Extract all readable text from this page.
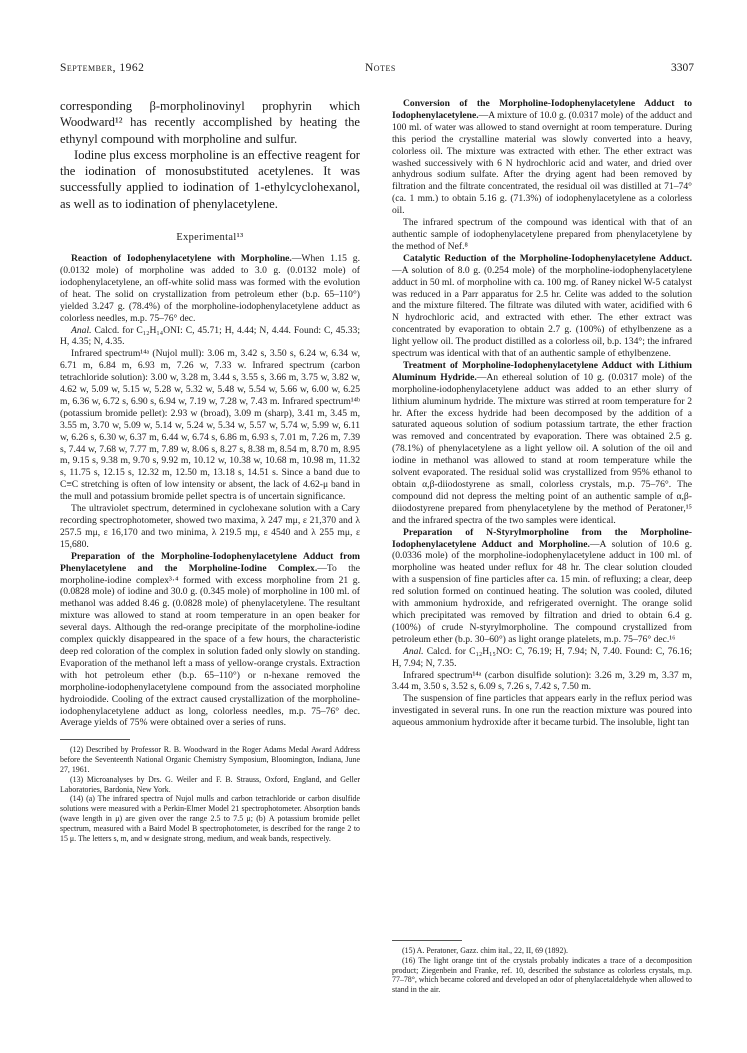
September, 1962	Notes	3307

corresponding β-morpholinovinyl prophyrin which Woodward¹² has recently accomplished by heating the ethynyl compound with morpholine and sulfur.

Iodine plus excess morpholine is an effective reagent for the iodination of monosubstituted acetylenes. It was successfully applied to iodination of 1-ethylcyclohexanol, as well as to iodination of phenylacetylene.

Experimental¹³

Reaction of Iodophenylacetylene with Morpholine.—When 1.15 g. (0.0132 mole) of morpholine was added to 3.0 g. (0.0132 mole) of iodophenylacetylene, an off-white solid mass was formed with the evolution of heat. The solid on crystallization from petroleum ether (b.p. 65–110°) yielded 3.247 g. (78.4%) of the morpholine-iodophenylacetylene adduct as colorless needles, m.p. 75–76° dec.

Anal. Calcd. for C₁₂H₁₄ONI: C, 45.71; H, 4.44; N, 4.44. Found: C, 45.33; H, 4.35; N, 4.35.

Infrared spectrum¹⁴ᵃ (Nujol mull): 3.06 m, 3.42 s, 3.50 s, 6.24 w, 6.34 w, 6.71 m, 6.84 m, 6.93 m, 7.26 w, 7.33 w. Infrared spectrum (carbon tetrachloride solution): 3.00 w, 3.28 m, 3.44 s, 3.55 s, 3.66 m, 3.75 w, 3.82 w, 4.62 w, 5.09 w, 5.15 w, 5.28 w, 5.32 w, 5.48 w, 5.54 w, 5.66 w, 6.00 w, 6.25 m, 6.36 w, 6.72 s, 6.90 s, 6.94 w, 7.19 w, 7.28 w, 7.43 m. Infrared spectrum¹⁴ᵇ (potassium bromide pellet): 2.93 w (broad), 3.09 m (sharp), 3.41 m, 3.45 m, 3.55 m, 3.70 w, 5.09 w, 5.14 w, 5.24 w, 5.34 w, 5.57 w, 5.74 w, 5.99 w, 6.11 w, 6.26 s, 6.30 w, 6.37 m, 6.44 w, 6.74 s, 6.86 m, 6.93 s, 7.01 m, 7.26 m, 7.39 s, 7.44 w, 7.68 w, 7.77 m, 7.89 w, 8.06 s, 8.27 s, 8.38 m, 8.54 m, 8.70 m, 8.95 m, 9.15 s, 9.38 m, 9.70 s, 9.92 m, 10.12 w, 10.38 w, 10.68 m, 10.98 m, 11.32 s, 11.75 s, 12.15 s, 12.32 m, 12.50 m, 13.18 s, 14.51 s. Since a band due to C≡C stretching is often of low intensity or absent, the lack of 4.62-μ band in the mull and potassium bromide pellet spectra is of uncertain significance.

The ultraviolet spectrum, determined in cyclohexane solution with a Cary recording spectrophotometer, showed two maxima, λ 247 mμ, ε 21,370 and λ 257.5 mμ, ε 16,170 and two minima, λ 219.5 mμ, ε 4540 and λ 255 mμ, ε 15,680.

Preparation of the Morpholine-Iodophenylacetylene Adduct from Phenylacetylene and the Morpholine-Iodine Complex.—To the morpholine-iodine complex³·⁴ formed with excess morpholine from 21 g. (0.0828 mole) of iodine and 30.0 g. (0.345 mole) of morpholine in 100 ml. of methanol was added 8.46 g. (0.0828 mole) of phenylacetylene. The resultant mixture was allowed to stand at room temperature in an open beaker for several days. Although the red-orange precipitate of the morpholine-iodine complex quickly disappeared in the space of a few hours, the characteristic deep red coloration of the complex in solution faded only slowly on standing. Evaporation of the methanol left a mass of yellow-orange crystals. Extraction with hot petroleum ether (b.p. 65–110°) or n-hexane removed the morpholine-iodophenylacetylene compound from the associated morpholine hydroiodide. Cooling of the extract caused crystallization of the morpholine-iodophenylacetylene adduct as long, colorless needles, m.p. 75–76° dec. Average yields of 75% were obtained over a series of runs.

(12) Described by Professor R. B. Woodward in the Roger Adams Medal Award Address before the Seventeenth National Organic Chemistry Symposium, Bloomington, Indiana, June 27, 1961.

(13) Microanalyses by Drs. G. Weiler and F. B. Strauss, Oxford, England, and Geller Laboratories, Bardonia, New York.

(14) (a) The infrared spectra of Nujol mulls and carbon tetrachloride or carbon disulfide solutions were measured with a Perkin-Elmer Model 21 spectrophotometer. Absorption bands (wave length in μ) are given over the range 2.5 to 7.5 μ; (b) A potassium bromide pellet spectrum, measured with a Baird Model B spectrophotometer, is described for the range 2 to 15 μ. The letters s, m, and w designate strong, medium, and weak bands, respectively.

Conversion of the Morpholine-Iodophenylacetylene Adduct to Iodophenylacetylene.—A mixture of 10.0 g. (0.0317 mole) of the adduct and 100 ml. of water was allowed to stand overnight at room temperature. During this period the crystalline material was slowly converted into a heavy, colorless oil. The mixture was extracted with ether. The ether extract was washed successively with 6 N hydrochloric acid and water, and dried over anhydrous sodium sulfate. After the drying agent had been removed by filtration and the filtrate concentrated, the residual oil was distilled at 71–74° (ca. 1 mm.) to obtain 5.16 g. (71.3%) of iodophenylacetylene as a colorless oil.

The infrared spectrum of the compound was identical with that of an authentic sample of iodophenylacetylene prepared from phenylacetylene by the method of Nef.⁸

Catalytic Reduction of the Morpholine-Iodophenylacetylene Adduct.—A solution of 8.0 g. (0.254 mole) of the morpholine-iodophenylacetylene adduct in 50 ml. of morpholine with ca. 100 mg. of Raney nickel W-5 catalyst was reduced in a Parr apparatus for 2.5 hr. Celite was added to the solution and the mixture filtered. The filtrate was diluted with water, acidified with 6 N hydrochloric acid, and extracted with ether. The ether extract was concentrated by evaporation to obtain 2.7 g. (100%) of ethylbenzene as a light yellow oil. The product distilled as a colorless oil, b.p. 134°; the infrared spectrum was identical with that of an authentic sample of ethylbenzene.

Treatment of Morpholine-Iodophenylacetylene Adduct with Lithium Aluminum Hydride.—An ethereal solution of 10 g. (0.0317 mole) of the morpholine-iodophenylacetylene adduct was added to an ether slurry of lithium aluminum hydride. The mixture was stirred at room temperature for 2 hr. After the excess hydride had been decomposed by the addition of a saturated aqueous solution of sodium potassium tartrate, the ether fraction was removed and concentrated by evaporation. There was obtained 2.5 g. (78.1%) of phenylacetylene as a light yellow oil. A solution of the oil and iodine in methanol was allowed to stand at room temperature while the solvent evaporated. The residual solid was crystallized from 95% ethanol to obtain α,β-diiodostyrene as small, colorless crystals, m.p. 75–76°. The compound did not depress the melting point of an authentic sample of α,β-diiodostyrene prepared from phenylacetylene by the method of Peratoner,¹⁵ and the infrared spectra of the two samples were identical.

Preparation of N-Styrylmorpholine from the Morpholine-Iodophenylacetylene Adduct and Morpholine.—A solution of 10.6 g. (0.0336 mole) of the morpholine-iodophenylacetylene adduct in 100 ml. of morpholine was heated under reflux for 48 hr. The clear solution clouded with a suspension of fine particles after ca. 15 min. of refluxing; a clear, deep red solution formed on continued heating. The solution was cooled, diluted with ammonium hydroxide, and refrigerated overnight. The orange solid which precipitated was removed by filtration and dried to obtain 6.4 g. (100%) of crude N-styrylmorpholine. The compound crystallized from petroleum ether (b.p. 30–60°) as light orange platelets, m.p. 75–76° dec.¹⁶

Anal. Calcd. for C₁₂H₁₅NO: C, 76.19; H, 7.94; N, 7.40. Found: C, 76.16; H, 7.94; N, 7.35.

Infrared spectrum¹⁴ᵃ (carbon disulfide solution): 3.26 m, 3.29 m, 3.37 m, 3.44 m, 3.50 s, 3.52 s, 6.09 s, 7.26 s, 7.42 s, 7.50 m.

The suspension of fine particles that appears early in the reflux period was investigated in several runs. In one run the reaction mixture was poured into aqueous ammonium hydroxide after it became turbid. The insoluble, light tan

(15) A. Peratoner, Gazz. chim ital., 22, II, 69 (1892).

(16) The light orange tint of the crystals probably indicates a trace of a decomposition product; Ziegenbein and Franke, ref. 10, described the substance as colorless crystals, m.p. 77–78°, which became colored and developed an odor of phenylacetaldehyde when allowed to stand in the air.
